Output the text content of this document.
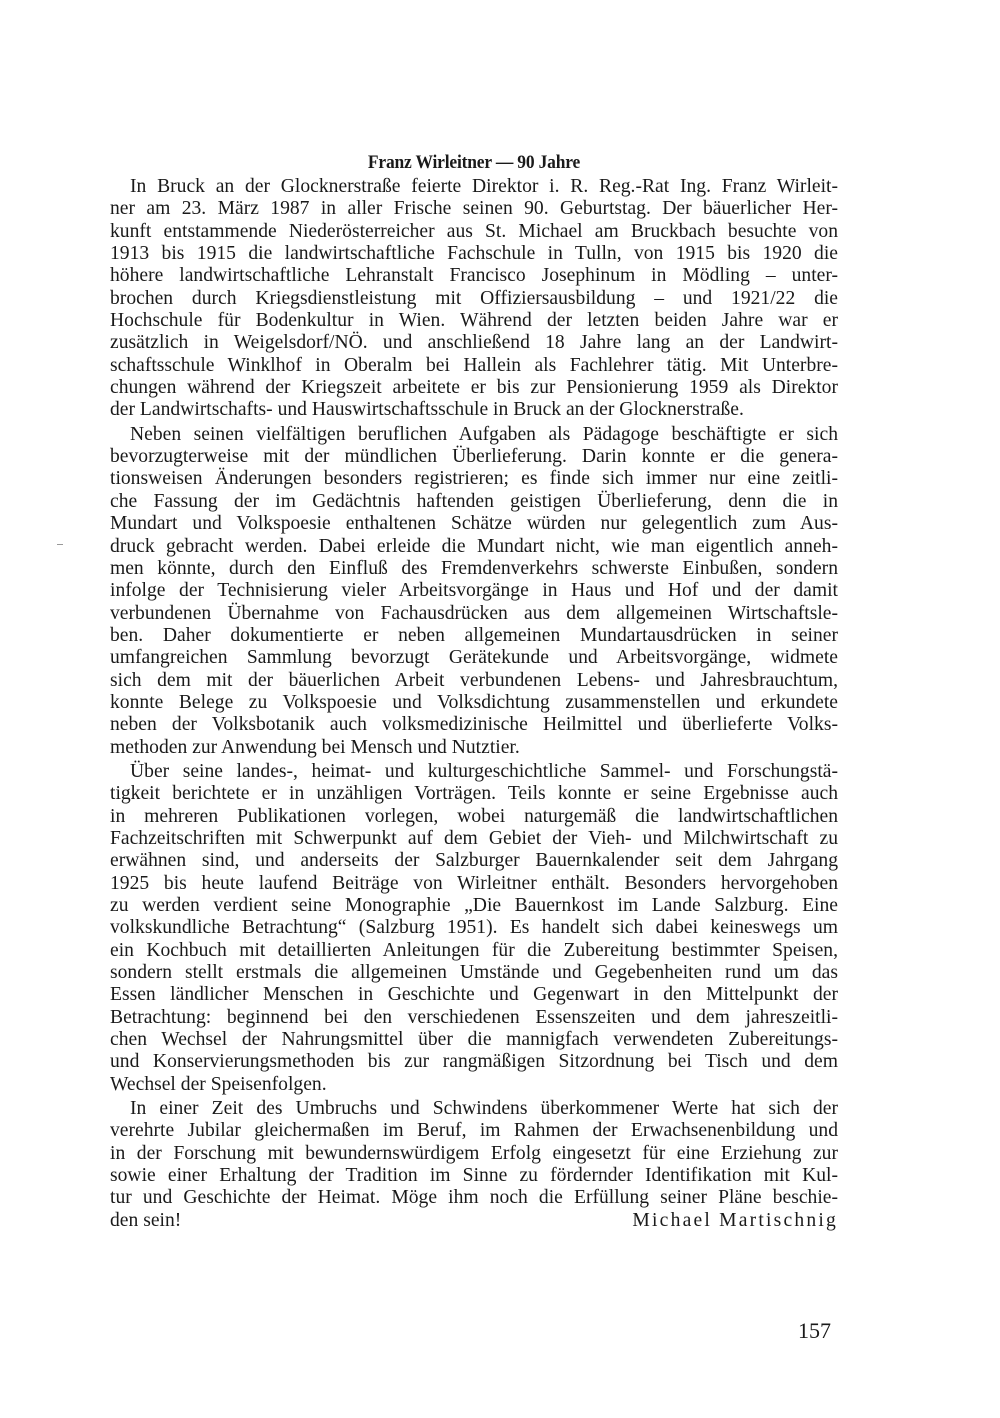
Franz Wirleitner — 90 Jahre
In Bruck an der Glocknerstraße feierte Direktor i. R. Reg.-Rat Ing. Franz Wirleit-
ner am 23. März 1987 in aller Frische seinen 90. Geburtstag. Der bäuerlicher Her-
kunft entstammende Niederösterreicher aus St. Michael am Bruckbach besuchte von
1913 bis 1915 die landwirtschaftliche Fachschule in Tulln, von 1915 bis 1920 die
höhere landwirtschaftliche Lehranstalt Francisco Josephinum in Mödling – unter-
brochen durch Kriegsdienstleistung mit Offiziersausbildung – und 1921/22 die
Hochschule für Bodenkultur in Wien. Während der letzten beiden Jahre war er
zusätzlich in Weigelsdorf/NÖ. und anschließend 18 Jahre lang an der Landwirt-
schaftsschule Winklhof in Oberalm bei Hallein als Fachlehrer tätig. Mit Unterbre-
chungen während der Kriegszeit arbeitete er bis zur Pensionierung 1959 als Direktor
der Landwirtschafts- und Hauswirtschaftsschule in Bruck an der Glocknerstraße.
Neben seinen vielfältigen beruflichen Aufgaben als Pädagoge beschäftigte er sich
bevorzugterweise mit der mündlichen Überlieferung. Darin konnte er die genera-
tionsweisen Änderungen besonders registrieren; es finde sich immer nur eine zeitli-
che Fassung der im Gedächtnis haftenden geistigen Überlieferung, denn die in
Mundart und Volkspoesie enthaltenen Schätze würden nur gelegentlich zum Aus-
druck gebracht werden. Dabei erleide die Mundart nicht, wie man eigentlich anneh-
men könnte, durch den Einfluß des Fremdenverkehrs schwerste Einbußen, sondern
infolge der Technisierung vieler Arbeitsvorgänge in Haus und Hof und der damit
verbundenen Übernahme von Fachausdrücken aus dem allgemeinen Wirtschaftsle-
ben. Daher dokumentierte er neben allgemeinen Mundartausdrücken in seiner
umfangreichen Sammlung bevorzugt Gerätekunde und Arbeitsvorgänge, widmete
sich dem mit der bäuerlichen Arbeit verbundenen Lebens- und Jahresbrauchtum,
konnte Belege zu Volkspoesie und Volksdichtung zusammenstellen und erkundete
neben der Volksbotanik auch volksmedizinische Heilmittel und überlieferte Volks-
methoden zur Anwendung bei Mensch und Nutztier.
Über seine landes-, heimat- und kulturgeschichtliche Sammel- und Forschungstä-
tigkeit berichtete er in unzähligen Vorträgen. Teils konnte er seine Ergebnisse auch
in mehreren Publikationen vorlegen, wobei naturgemäß die landwirtschaftlichen
Fachzeitschriften mit Schwerpunkt auf dem Gebiet der Vieh- und Milchwirtschaft zu
erwähnen sind, und anderseits der Salzburger Bauernkalender seit dem Jahrgang
1925 bis heute laufend Beiträge von Wirleitner enthält. Besonders hervorgehoben
zu werden verdient seine Monographie „Die Bauernkost im Lande Salzburg. Eine
volkskundliche Betrachtung“ (Salzburg 1951). Es handelt sich dabei keineswegs um
ein Kochbuch mit detaillierten Anleitungen für die Zubereitung bestimmter Speisen,
sondern stellt erstmals die allgemeinen Umstände und Gegebenheiten rund um das
Essen ländlicher Menschen in Geschichte und Gegenwart in den Mittelpunkt der
Betrachtung: beginnend bei den verschiedenen Essenszeiten und dem jahreszeitli-
chen Wechsel der Nahrungsmittel über die mannigfach verwendeten Zubereitungs-
und Konservierungsmethoden bis zur rangmäßigen Sitzordnung bei Tisch und dem
Wechsel der Speisenfolgen.
In einer Zeit des Umbruchs und Schwindens überkommener Werte hat sich der
verehrte Jubilar gleichermaßen im Beruf, im Rahmen der Erwachsenenbildung und
in der Forschung mit bewundernswürdigem Erfolg eingesetzt für eine Erziehung zur
sowie einer Erhaltung der Tradition im Sinne zu fördernder Identifikation mit Kul-
tur und Geschichte der Heimat. Möge ihm noch die Erfüllung seiner Pläne beschie-
den sein!	Michael Martischnig
157
